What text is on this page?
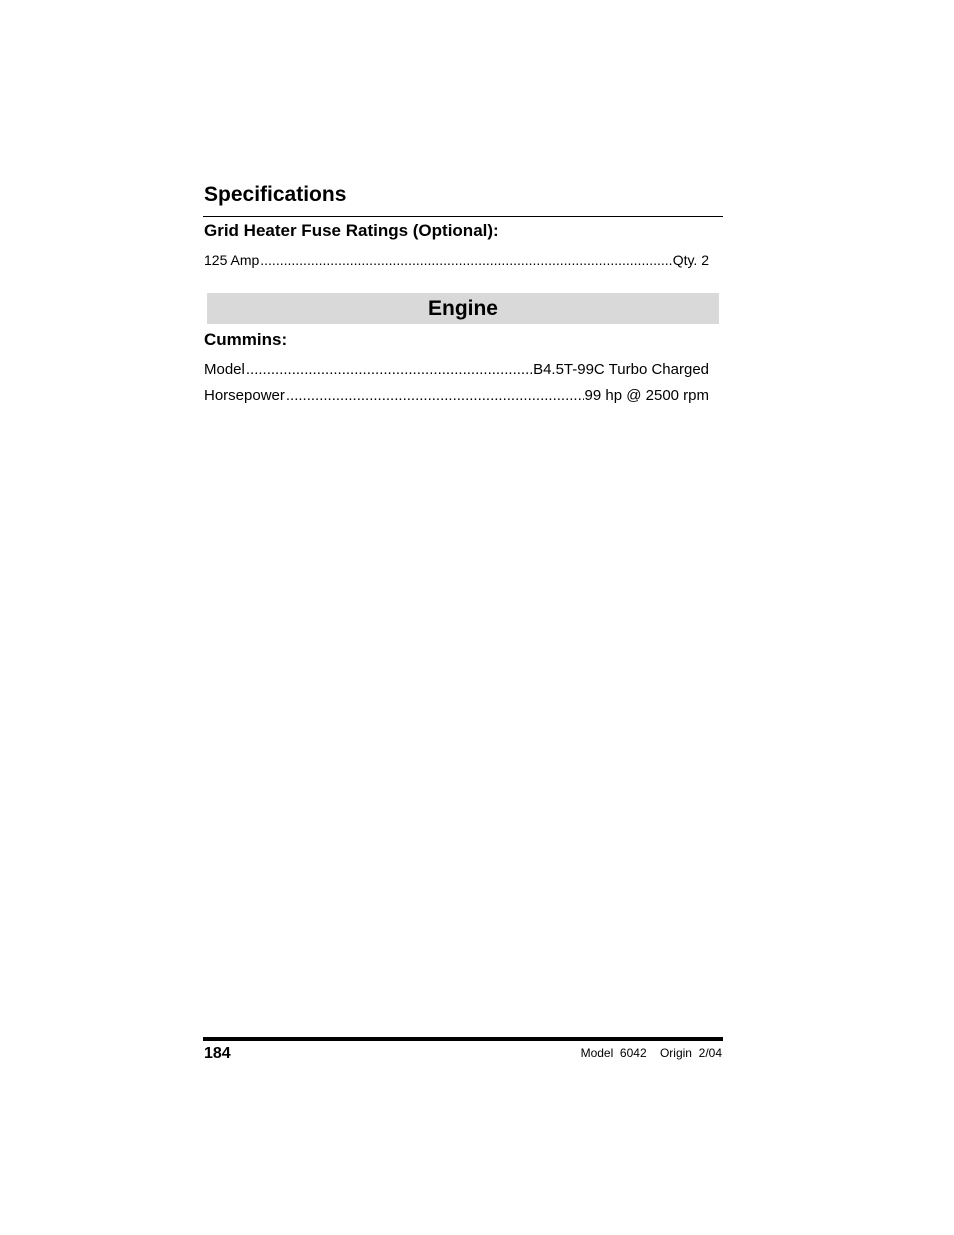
Specifications
Grid Heater Fuse Ratings (Optional):
125 Amp .....	Qty. 2
Engine
Cummins:
Model .....	B4.5T-99C Turbo Charged
Horsepower .....	99 hp @ 2500 rpm
184	Model  6042    Origin  2/04
